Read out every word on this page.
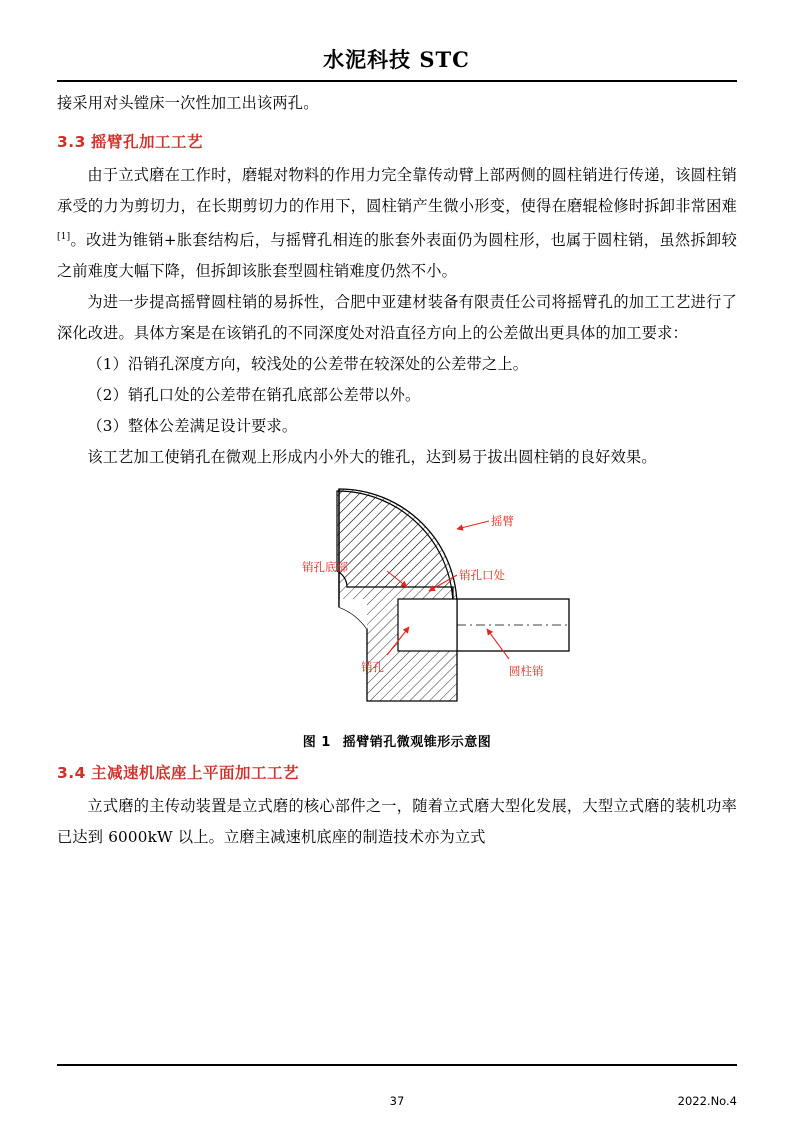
水泥科技 STC

接采用对头镗床一次性加工出该两孔。

3.3 摇臂孔加工工艺

由于立式磨在工作时，磨辊对物料的作用力完全靠传动臂上部两侧的圆柱销进行传递，该圆柱销承受的力为剪切力，在长期剪切力的作用下，圆柱销产生微小形变，使得在磨辊检修时拆卸非常困难[1]。改进为锥销+胀套结构后，与摇臂孔相连的胀套外表面仍为圆柱形，也属于圆柱销，虽然拆卸较之前难度大幅下降，但拆卸该胀套型圆柱销难度仍然不小。

为进一步提高摇臂圆柱销的易拆性，合肥中亚建材装备有限责任公司将摇臂孔的加工工艺进行了深化改进。具体方案是在该销孔的不同深度处对沿直径方向上的公差做出更具体的加工要求：

（1）沿销孔深度方向，较浅处的公差带在较深处的公差带之上。

（2）销孔口处的公差带在销孔底部公差带以外。

（3）整体公差满足设计要求。

该工艺加工使销孔在微观上形成内小外大的锥孔，达到易于拔出圆柱销的良好效果。

摇臂
销孔底部
销孔口处
销孔	圆柱销
图 1 摇臂销孔微观锥形示意图
3.4 主减速机底座上平面加工工艺

立式磨的主传动装置是立式磨的核心部件之一，随着立式磨大型化发展，大型立式磨的装机功率已达到 6000kW 以上。立磨主减速机底座的制造技术亦为立式

37	2022.No.4
